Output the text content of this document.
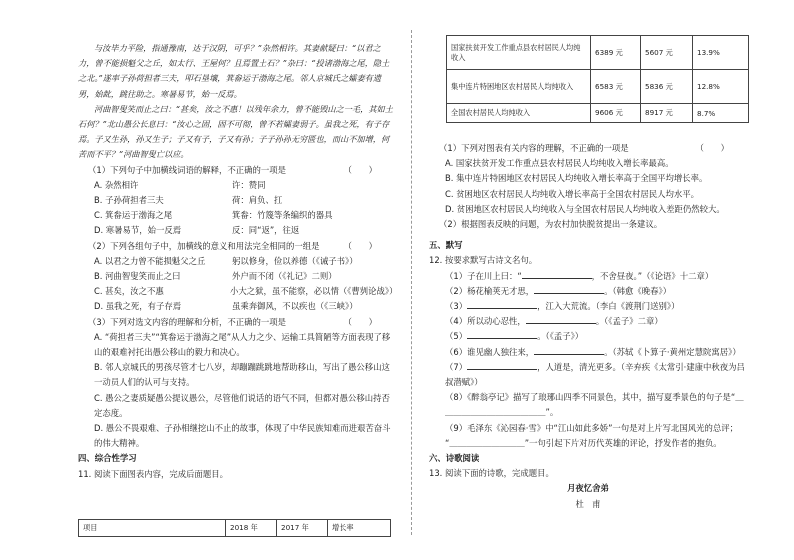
国家扶贫开发工作重点县农村居民人均纯收入	6389 元	5607 元	13.9%
集中连片特困地区农村居民人均纯收入	6583 元	5836 元	12.8%
全国农村居民人均纯收入	9606 元	8917 元	8.7%

与汝毕力平险，指通豫南，达于汉阴，可乎？”杂然相许。其妻献疑曰：“以君之力，曾不能损魁父之丘，如太行、王屋何？且焉置土石？”杂曰：“投诸渤海之尾，隐土之北。”遂率子孙荷担者三夫，叩石垦壤，箕畚运于渤海之尾。邻人京城氏之孀妻有遗男，始龀，跳往助之。寒暑易节，始一反焉。

河曲智叟笑而止之曰：“甚矣，汝之不惠！以残年余力，曾不能毁山之一毛，其如土石何？”北山愚公长息曰：“汝心之固，固不可彻，曾不若孀妻弱子。虽我之死，有子存焉。子又生孙，孙又生子；子又有子，子又有孙；子子孙孙无穷匮也，而山不加增，何苦而不平？”河曲智叟亡以应。

（1）下列句子中加横线词语的解释，不正确的一项是	（　　）

A. 杂然相许	许：赞同

B. 子孙荷担者三夫	荷：肩负、扛

C. 箕畚运于渤海之尾	箕畚：竹篾等条编织的器具

D. 寒暑易节，始一反焉	反：同“返”，往返

（2）下列各组句子中，加横线的意义和用法完全相同的一组是	（　　）

A. 以君之力曾不能损魁父之丘	躬以修身，俭以养德（《诫子书》）

B. 河曲智叟笑而止之曰	外户而不闭（《礼记》二则）

C. 甚矣，汝之不惠	小大之狱，虽不能察，必以情（《曹刿论战》）

D. 虽我之死，有子存焉	虽乘奔御风，不以疾也（《三峡》）

（3）下列对选文内容的理解和分析，不正确的一项是	（　　）

A. “荷担者三夫”“箕畚运于渤海之尾”从人力之少、运输工具简陋等方面表现了移山的艰难衬托出愚公移山的毅力和决心。

B. 邻人京城氏的男孩尽管才七八岁，却蹦蹦跳跳地帮助移山，写出了愚公移山这一动员人们的认可与支持。

C. 愚公之妻质疑愚公提议愚公，尽管他们说话的语气不同，但都对愚公移山持否定态度。

D. 愚公不畏艰难、子孙相继挖山不止的故事，体现了中华民族知难而进艰苦奋斗的伟大精神。

四、综合性学习

11. 阅读下面图表内容，完成后面题目。

项目	2018 年	2017 年	增长率

（1）下列对图表有关内容的理解，不正确的一项是	（　　）

A. 国家扶贫开发工作重点县农村居民人均纯收入增长率最高。

B. 集中连片特困地区农村居民人均纯收入增长率高于全国平均增长率。

C. 贫困地区农村居民人均纯收入增长率高于全国农村居民人均水平。

D. 贫困地区农村居民人均纯收入与全国农村居民人均纯收入差距仍然较大。

（2）根据图表反映的问题，为农村加快脱贫提出一条建议。

五、默写

12. 按要求默写古诗文名句。

（1）子在川上曰：“	，不舍昼夜。”（《论语》十二章）

（2）杨花榆荚无才思，	。（韩愈《晚春》）

（3）	，江入大荒流。（李白《渡荆门送别》）

（4）所以动心忍性，	。（《孟子》二章）

（5）	。（《孟子》）

（6）谁见幽人独往来，	。（苏轼《卜算子·黄州定慧院寓居》）

（7）	，人道是，清光更多。（辛弃疾《太常引·建康中秋夜为吕叔潜赋》）

（8）《醉翁亭记》描写了琅琊山四季不同景色，其中，描写夏季景色的句子是“＿＿＿＿＿＿＿＿＿＿＿＿＿”。

（9）毛泽东《沁园春·雪》中“江山如此多娇”一句是对上片写北国风光的总评；

“＿＿＿＿＿＿＿＿＿”一句引起下片对历代英雄的评论，抒发作者的抱负。

六、诗歌阅读

13. 阅读下面的诗歌，完成题目。

月夜忆舍弟

杜　甫
